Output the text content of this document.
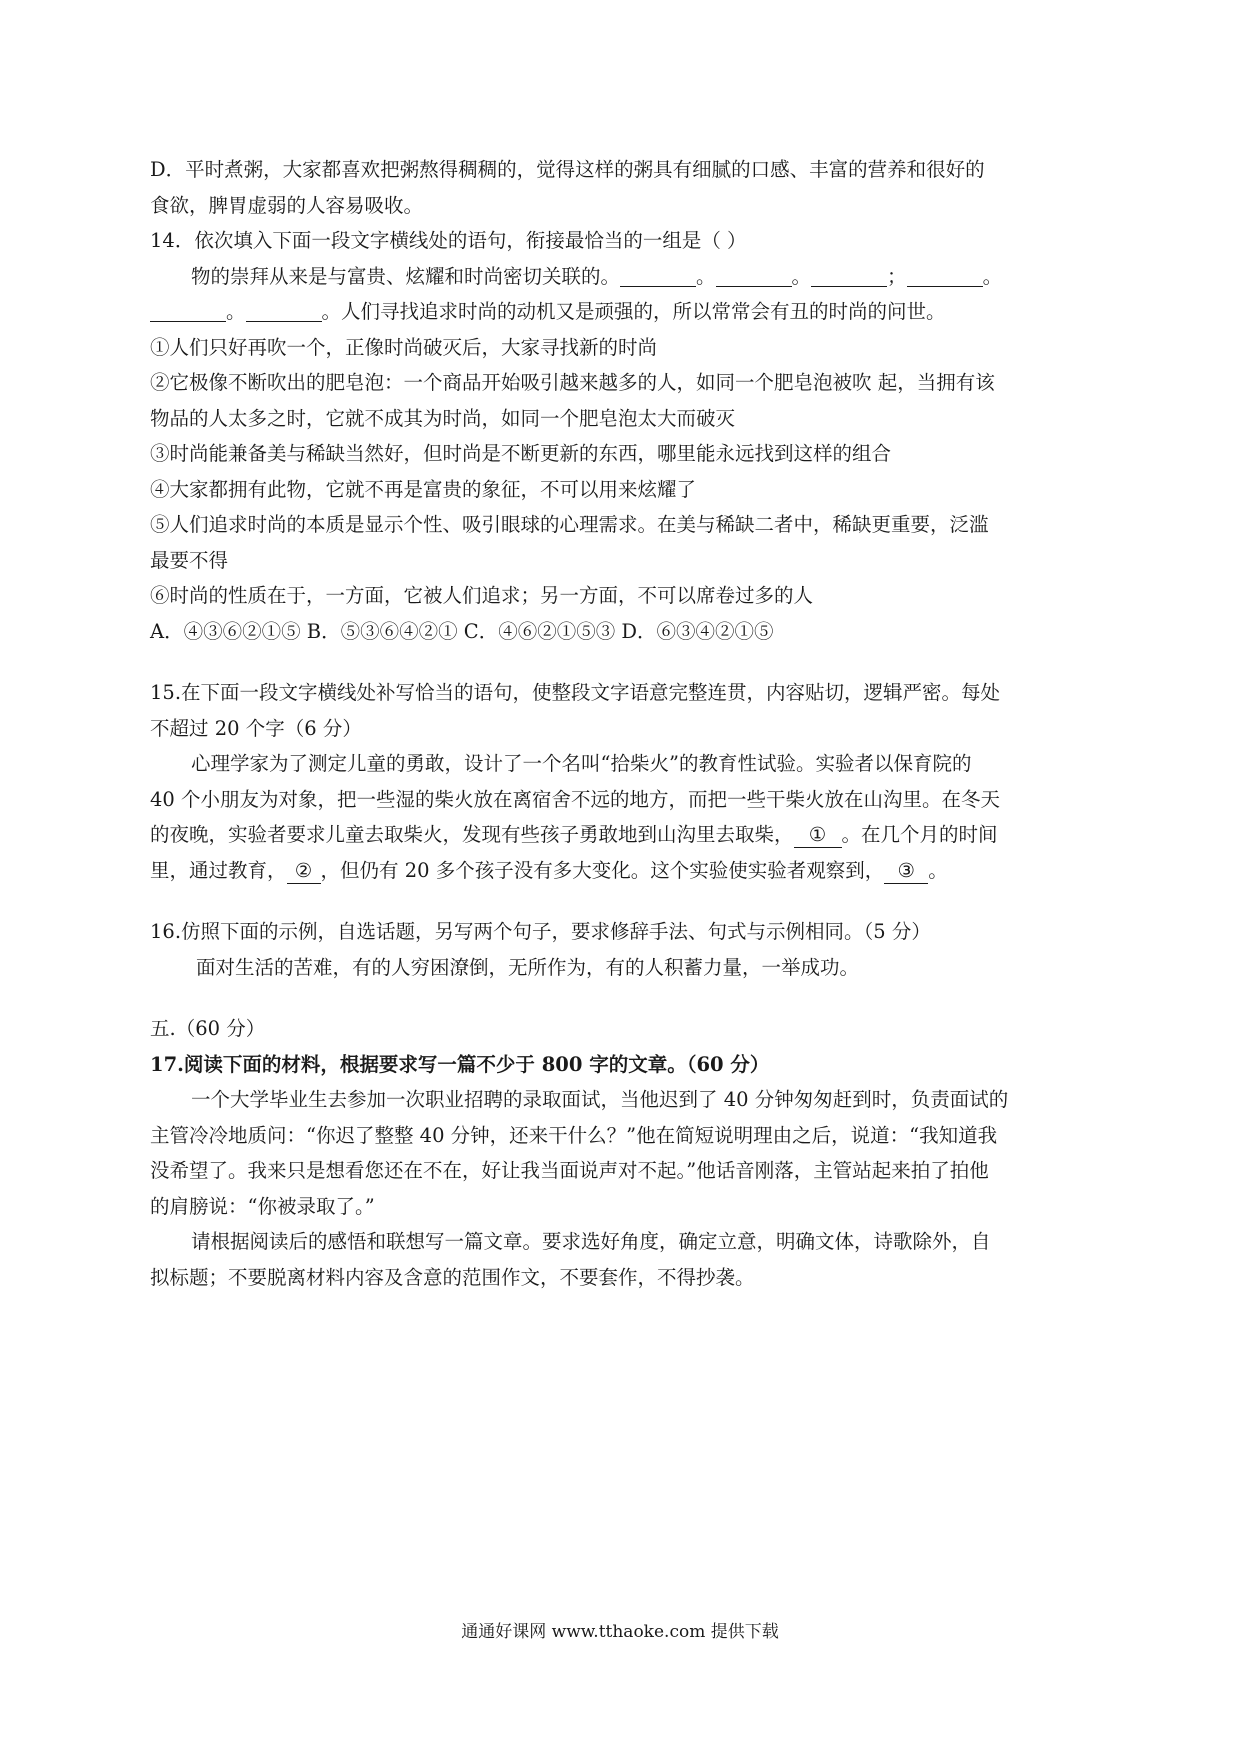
D．平时煮粥，大家都喜欢把粥熬得稠稠的，觉得这样的粥具有细腻的口感、丰富的营养和很好的
食欲，脾胃虚弱的人容易吸收。
14．依次填入下面一段文字横线处的语句，衔接最恰当的一组是（ ）
物的崇拜从来是与富贵、炫耀和时尚密切关联的。	。	。	；	。
。	。人们寻找追求时尚的动机又是顽强的，所以常常会有丑的时尚的问世。
①人们只好再吹一个，正像时尚破灭后，大家寻找新的时尚
②它极像不断吹出的肥皂泡：一个商品开始吸引越来越多的人，如同一个肥皂泡被吹 起，当拥有该
物品的人太多之时，它就不成其为时尚，如同一个肥皂泡太大而破灭
③时尚能兼备美与稀缺当然好，但时尚是不断更新的东西，哪里能永远找到这样的组合
④大家都拥有此物，它就不再是富贵的象征，不可以用来炫耀了
⑤人们追求时尚的本质是显示个性、吸引眼球的心理需求。在美与稀缺二者中，稀缺更重要，泛滥
最要不得
⑥时尚的性质在于，一方面，它被人们追求；另一方面，不可以席卷过多的人
A．④③⑥②①⑤ B．⑤③⑥④②① C．④⑥②①⑤③ D．⑥③④②①⑤
15.在下面一段文字横线处补写恰当的语句，使整段文字语意完整连贯，内容贴切，逻辑严密。每处
不超过 20 个字（6 分）
心理学家为了测定儿童的勇敢，设计了一个名叫“拾柴火”的教育性试验。实验者以保育院的
40 个小朋友为对象，把一些湿的柴火放在离宿舍不远的地方，而把一些干柴火放在山沟里。在冬天
的夜晚，实验者要求儿童去取柴火，发现有些孩子勇敢地到山沟里去取柴， ① 。在几个月的时间
里，通过教育， ② ，但仍有 20 多个孩子没有多大变化。这个实验使实验者观察到， ③ 。
16.仿照下面的示例，自选话题，另写两个句子，要求修辞手法、句式与示例相同。（5 分）
面对生活的苦难，有的人穷困潦倒，无所作为，有的人积蓄力量，一举成功。
五.（60 分）
17.阅读下面的材料，根据要求写一篇不少于 800 字的文章。（60 分）
一个大学毕业生去参加一次职业招聘的录取面试，当他迟到了 40 分钟匆匆赶到时，负责面试的
主管冷冷地质问：“你迟了整整 40 分钟，还来干什么？”他在简短说明理由之后，说道：“我知道我
没希望了。我来只是想看您还在不在，好让我当面说声对不起。”他话音刚落，主管站起来拍了拍他
的肩膀说：“你被录取了。”
请根据阅读后的感悟和联想写一篇文章。要求选好角度，确定立意，明确文体，诗歌除外，自
拟标题；不要脱离材料内容及含意的范围作文，不要套作，不得抄袭。
通通好课网 www.tthaoke.com 提供下载
